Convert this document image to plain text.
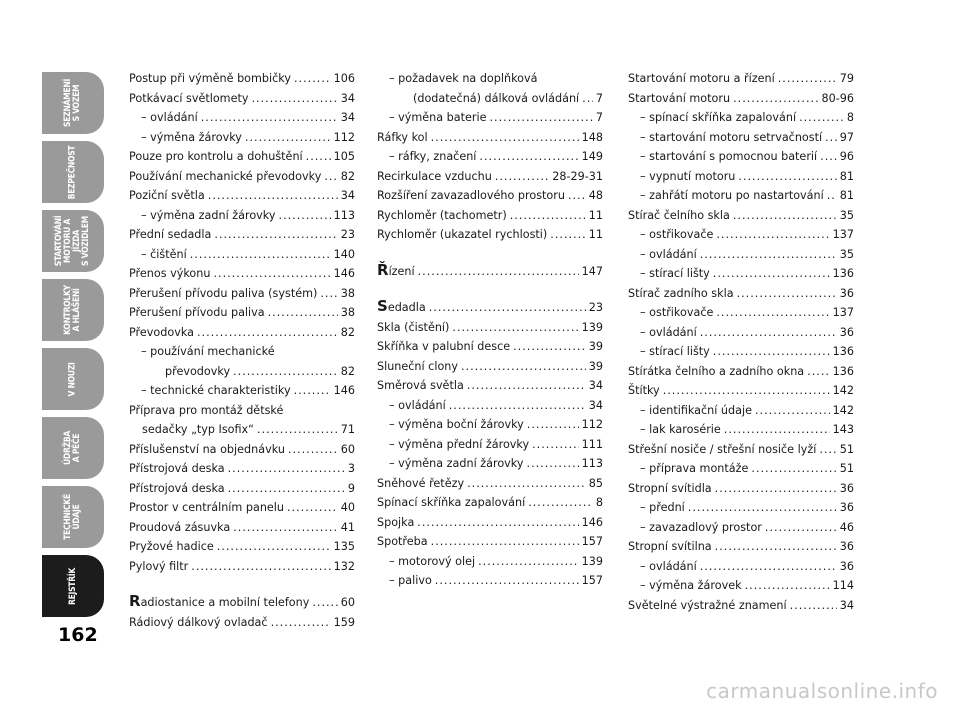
SEZNÁMENÍ
S VOZEM
BEZPEČNOST
STARTOVÁNÍ
MOTORU A JÍZDA
S VOZIDLEM
KONTROLKY
A HLÁŠENÍ
V NOUZI
ÚDRŽBA
A PÉČE
TECHNICKÉ
ÚDAJE
REJSTŘÍK
162
Postup při výměně bombičky .....	106
Potkávací světlomety .....	34
– ovládání .....	34
– výměna žárovky .....	112
Pouze pro kontrolu a dohuštění .....	105
Používání mechanické převodovky ..... 82
Poziční světla .....	34
– výměna zadní žárovky .....	113
Přední sedadla .....	23
– čištění .....	140
Přenos výkonu .....	146
Přerušení přívodu paliva (systém) ..... 38
Přerušení přívodu paliva .....	38
Převodovka .....	82
– používání mechanické
převodovky .....	82
– technické charakteristiky .....	146
Příprava pro montáž dětské
sedačky „typ Isofix“ .....	71
Příslušenství na objednávku .....	60
Přístrojová deska .....	3
Přístrojová deska .....	9
Prostor v centrálním panelu .....	40
Proudová zásuvka .....	41
Pryžové hadice .....	135
Pylový filtr .....	132
Radiostanice a mobilní telefony .....	60
Rádiový dálkový ovladač .....	159
– požadavek na doplňková
(dodatečná) dálková ovládání ..... 7
– výměna baterie .....	7
Ráfky kol .....	148
– ráfky, značení .....	149
Recirkulace vzduchu .....	28-29-31
Rozšíření zavazadlového prostoru ..... 48
Rychloměr (tachometr) .....	11
Rychloměr (ukazatel rychlosti) .....	11
Řízení .....	147
Sedadla .....	23
Skla (čistění) .....	139
Skříňka v palubní desce .....	39
Sluneční clony .....	39
Směrová světla .....	34
– ovládání .....	34
– výměna boční žárovky .....	112
– výměna přední žárovky .....	111
– výměna zadní žárovky .....	113
Sněhové řetězy .....	85
Spínací skříňka zapalování .....	8
Spojka .....	146
Spotřeba .....	157
– motorový olej .....	139
– palivo .....	157
Startování motoru a řízení .....	79
Startování motoru .....	80-96
– spínací skříňka zapalování .....	8
– startování motoru setrvačností ..... 97
– startování s pomocnou baterií ..... 96
– vypnutí motoru .....	81
– zahřátí motoru po nastartování ..... 81
Stírač čelního skla .....	35
– ostřikovače .....	137
– ovládání .....	35
– stírací lišty .....	136
Stírač zadního skla .....	36
– ostřikovače .....	137
– ovládání .....	36
– stírací lišty .....	136
Stírátka čelního a zadního okna .....	136
Štítky .....	142
– identifikační údaje .....	142
– lak karosérie .....	143
Střešní nosiče / střešní nosiče lyží ..... 51
– příprava montáže .....	51
Stropní svítidla .....	36
– přední .....	36
– zavazadlový prostor .....	46
Stropní svítilna .....	36
– ovládání .....	36
– výměna žárovek .....	114
Světelné výstražné znamení .....	34
carmanualsonline.info
